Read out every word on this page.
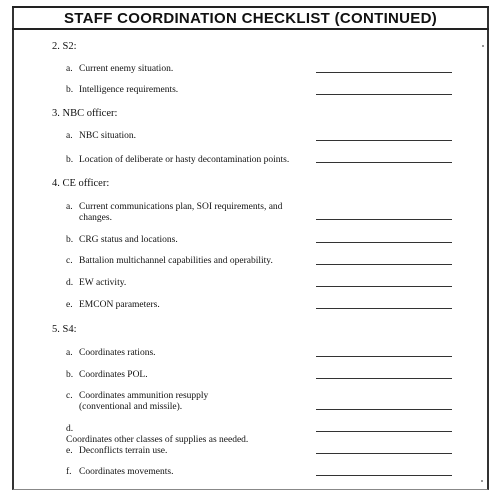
STAFF COORDINATION CHECKLIST (CONTINUED)
2. S2:
a. Current enemy situation.
b. Intelligence requirements.
3. NBC officer:
a. NBC situation.
b. Location of deliberate or hasty decontamination points.
4. CE officer:
a. Current communications plan, SOI requirements, and changes.
b. CRG status and locations.
c. Battalion multichannel capabilities and operability.
d. EW activity.
e. EMCON parameters.
5. S4:
a. Coordinates rations.
b. Coordinates POL.
c. Coordinates ammunition resupply (conventional and missile).
d.Coordinates other classes of supplies as needed.
e. Deconflicts terrain use.
f. Coordinates movements.
